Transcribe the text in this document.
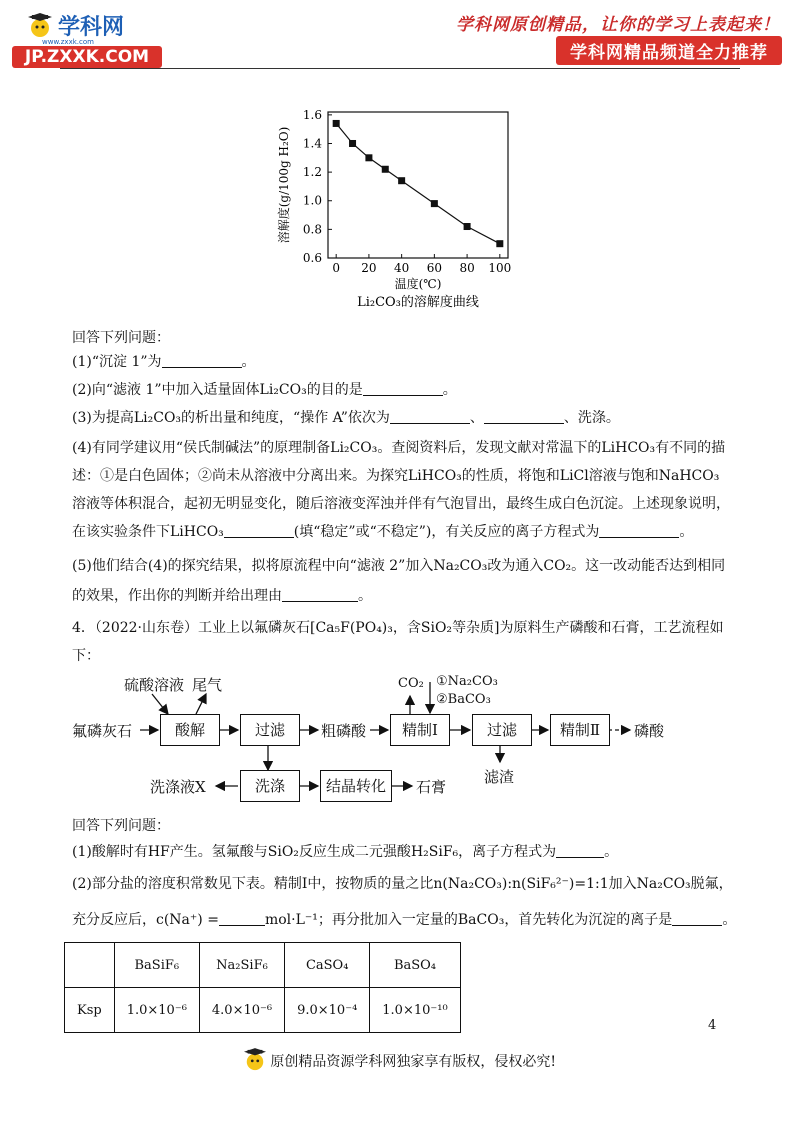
学科网
www.zxxk.com
JP.ZXXK.COM
学科网原创精品，让你的学习上表起来！
学科网精品频道全力推荐
0.6
0.8
1.0
1.2
1.4
1.6
0 20 40 60 80 100
温度(℃)
溶解度(g/100g H₂O)
Li₂CO₃的溶解度曲线
回答下列问题：
(1)“沉淀 1”为	。
(2)向“滤液 1”中加入适量固体Li₂CO₃的目的是	。
(3)为提高Li₂CO₃的析出量和纯度，“操作 A”依次为	、	、洗涤。
(4)有同学建议用“侯氏制碱法”的原理制备Li₂CO₃。查阅资料后，发现文献对常温下的LiHCO₃有不同的描
述：①是白色固体；②尚未从溶液中分离出来。为探究LiHCO₃的性质，将饱和LiCl溶液与饱和NaHCO₃
溶液等体积混合，起初无明显变化，随后溶液变浑浊并伴有气泡冒出，最终生成白色沉淀。上述现象说明，
在该实验条件下LiHCO₃	(填“稳定”或“不稳定”)，有关反应的离子方程式为	。
(5)他们结合(4)的探究结果，拟将原流程中向“滤液 2”加入Na₂CO₃改为通入CO₂。这一改动能否达到相同
的效果，作出你的判断并给出理由	。
4．（2022·山东卷）工业上以氟磷灰石[Ca₅F(PO₄)₃，含SiO₂等杂质]为原料生产磷酸和石膏，工艺流程如
下：
硫酸溶液 尾气
氟磷灰石	酸解	过滤	粗磷酸	精制Ⅰ
CO₂ ①Na₂CO₃
②BaCO₃
过滤
滤渣
精制Ⅱ	磷酸
洗涤液X	洗涤	结晶转化	石膏
回答下列问题：
(1)酸解时有HF产生。氢氟酸与SiO₂反应生成二元强酸H₂SiF₆，离子方程式为	。
(2)部分盐的溶度积常数见下表。精制Ⅰ中，按物质的量之比n(Na₂CO₃):n(SiF₆²⁻)=1:1加入Na₂CO₃脱氟，
充分反应后，c(Na⁺) =	mol·L⁻¹；再分批加入一定量的BaCO₃，首先转化为沉淀的离子是	。
	BaSiF₆	Na₂SiF₆	CaSO₄	BaSO₄
Ksp	1.0×10⁻⁶	4.0×10⁻⁶	9.0×10⁻⁴	1.0×10⁻¹⁰
4
原创精品资源学科网独家享有版权，侵权必究!
